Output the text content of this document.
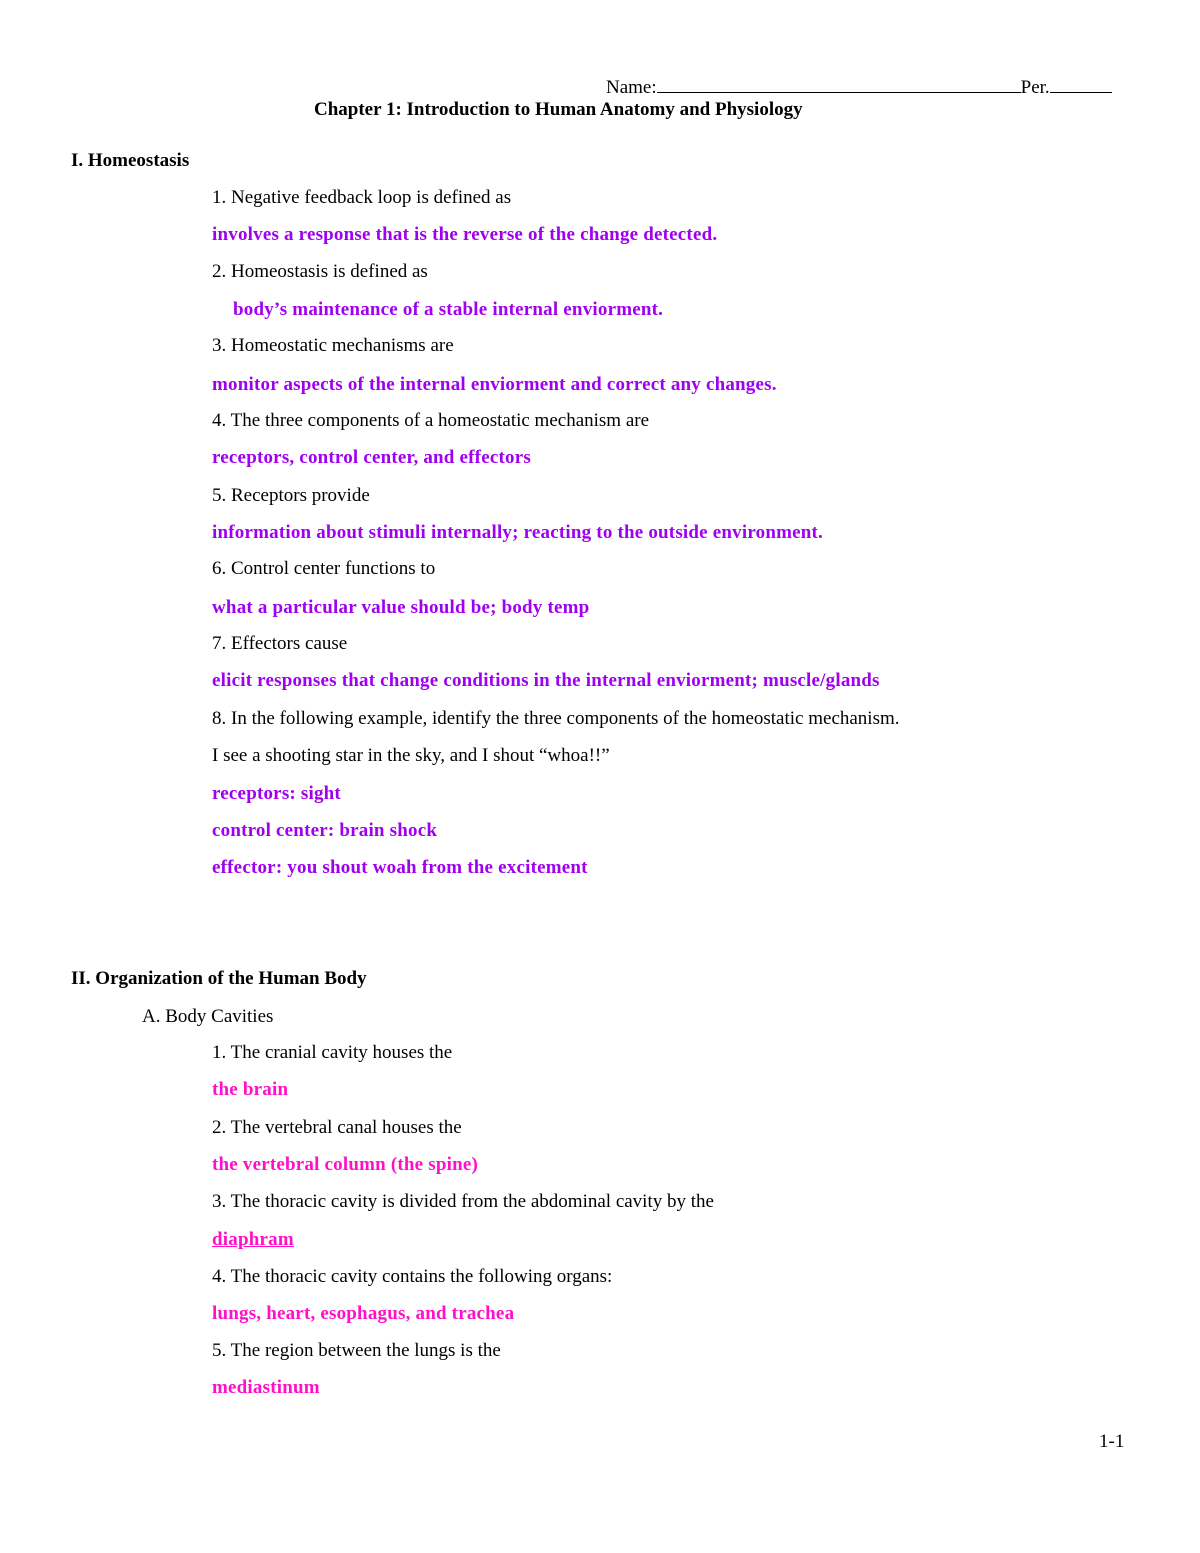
Name:	Per.
Chapter 1: Introduction to Human Anatomy and Physiology
I. Homeostasis
1. Negative feedback loop is defined as
involves a response that is the reverse of the change detected.
2. Homeostasis is defined as
body’s maintenance of a stable internal enviorment.
3. Homeostatic mechanisms are
monitor aspects of the internal enviorment and correct any changes.
4. The three components of a homeostatic mechanism are
receptors, control center, and effectors
5. Receptors provide
information about stimuli internally; reacting to the outside environment.
6. Control center functions to
what a particular value should be; body temp
7. Effectors cause
elicit responses that change conditions in the internal enviorment; muscle/glands
8. In the following example, identify the three components of the homeostatic mechanism.
I see a shooting star in the sky, and I shout “whoa!!”
receptors: sight
control center: brain shock
effector: you shout woah from the excitement
II. Organization of the Human Body
A. Body Cavities
1. The cranial cavity houses the
the brain
2. The vertebral canal houses the
the vertebral column (the spine)
3. The thoracic cavity is divided from the abdominal cavity by the
diaphram
4. The thoracic cavity contains the following organs:
lungs, heart, esophagus, and trachea
5. The region between the lungs is the
mediastinum
1-1
